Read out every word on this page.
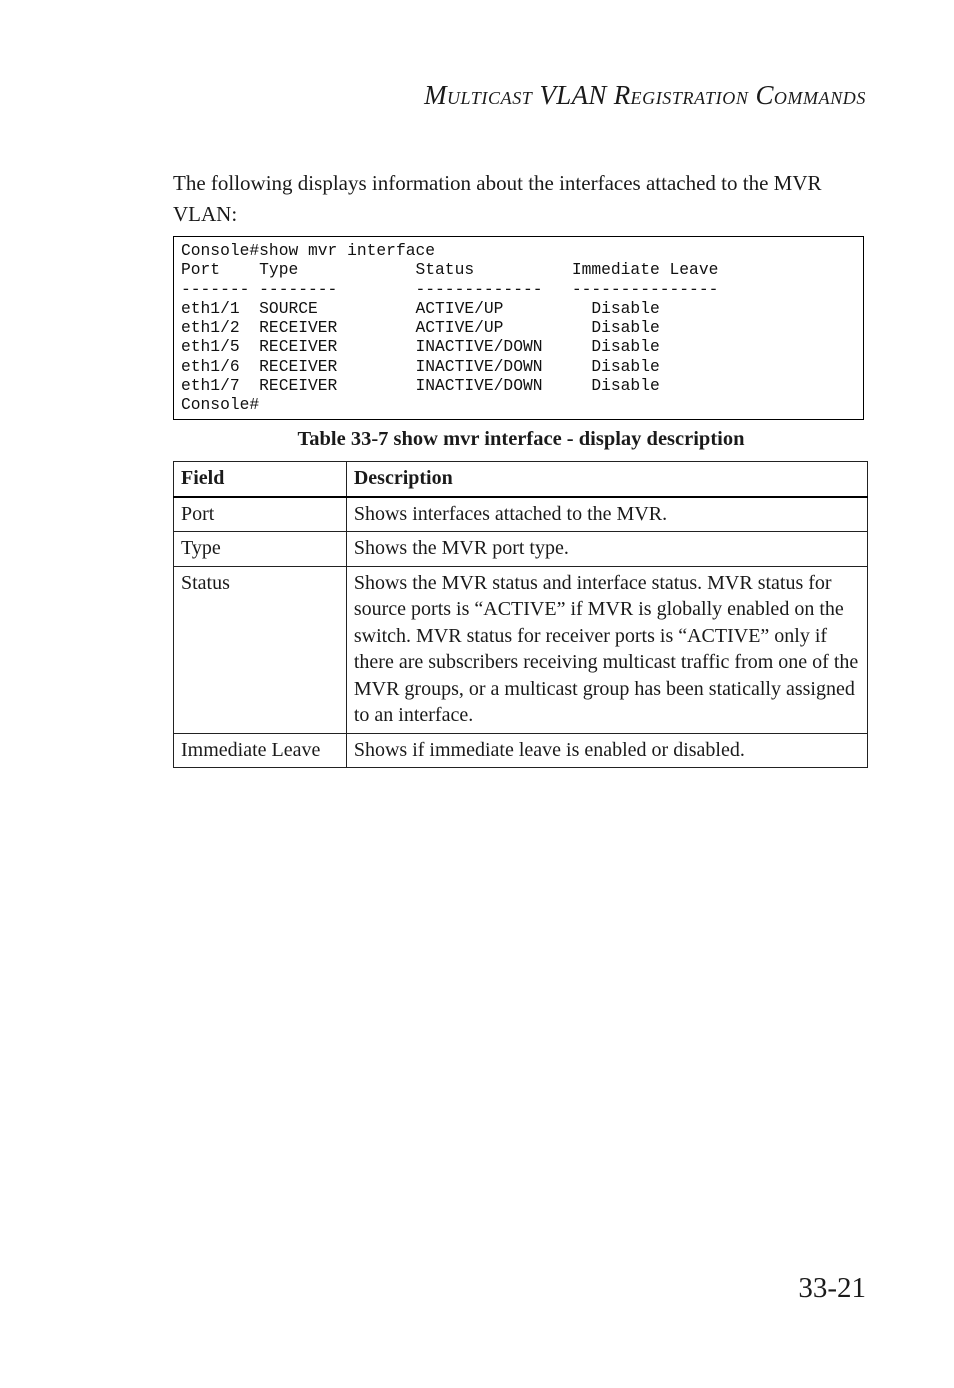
MULTICAST VLAN REGISTRATION COMMANDS

The following displays information about the interfaces attached to the MVR VLAN:

Console#show mvr interface
Port    Type            Status          Immediate Leave
------- --------        -------------   ---------------
eth1/1  SOURCE          ACTIVE/UP         Disable
eth1/2  RECEIVER        ACTIVE/UP         Disable
eth1/5  RECEIVER        INACTIVE/DOWN     Disable
eth1/6  RECEIVER        INACTIVE/DOWN     Disable
eth1/7  RECEIVER        INACTIVE/DOWN     Disable
Console#
Table 33-7 show mvr interface - display description
Field	Description
Port	Shows interfaces attached to the MVR.
Type	Shows the MVR port type.
Status	Shows the MVR status and interface status. MVR status for source ports is “ACTIVE” if MVR is globally enabled on the switch. MVR status for receiver ports is “ACTIVE” only if there are subscribers receiving multicast traffic from one of the MVR groups, or a multicast group has been statically assigned to an interface.
Immediate Leave	Shows if immediate leave is enabled or disabled.
33-21
